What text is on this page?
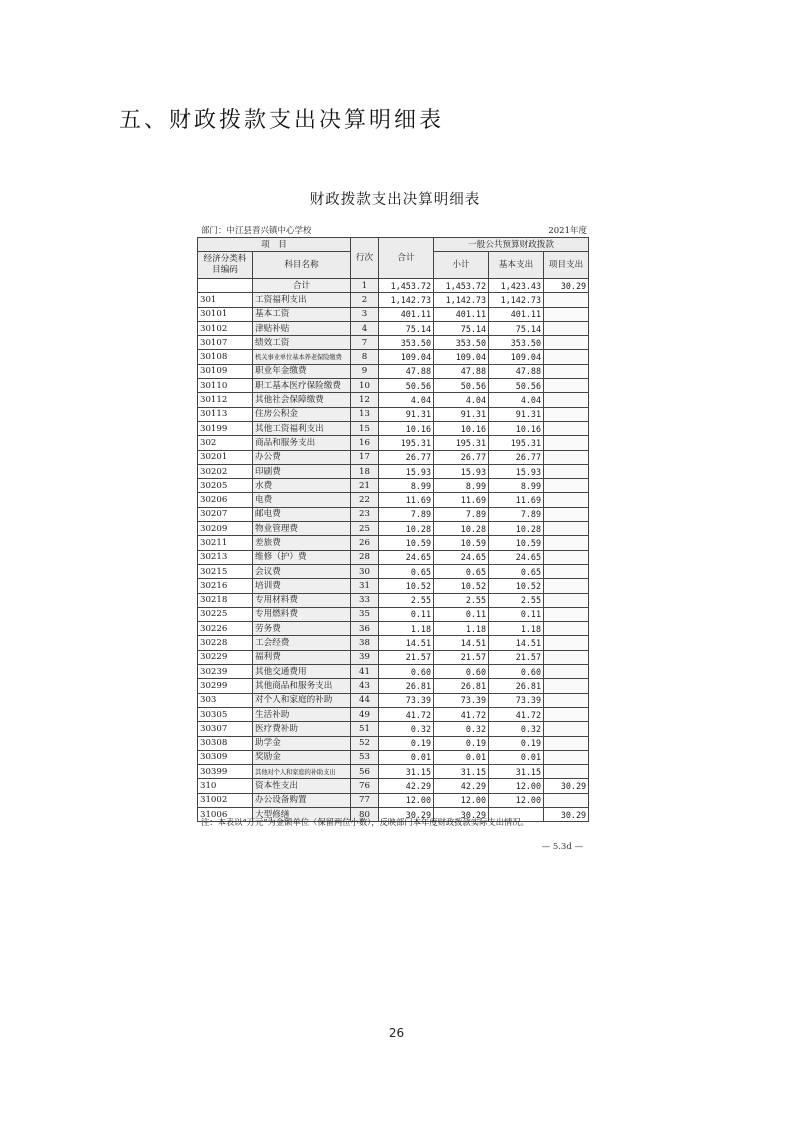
五、财政拨款支出决算明细表
财政拨款支出决算明细表
部门：中江县晋兴镇中心学校	2021年度
项　目		行次	合计	一般公共预算财政拨款		
经济分类科目编码	科目名称			小计	基本支出	项目支出
	合计	1	1,453.72	1,453.72	1,423.43	30.29
301	工资福利支出	2	1,142.73	1,142.73	1,142.73	
30101	基本工资	3	401.11	401.11	401.11	
30102	津贴补贴	4	75.14	75.14	75.14	
30107	绩效工资	7	353.50	353.50	353.50	
30108	机关事业单位基本养老保险缴费	8	109.04	109.04	109.04	
30109	职业年金缴费	9	47.88	47.88	47.88	
30110	职工基本医疗保险缴费	10	50.56	50.56	50.56	
30112	其他社会保障缴费	12	4.04	4.04	4.04	
30113	住房公积金	13	91.31	91.31	91.31	
30199	其他工资福利支出	15	10.16	10.16	10.16	
302	商品和服务支出	16	195.31	195.31	195.31	
30201	办公费	17	26.77	26.77	26.77	
30202	印刷费	18	15.93	15.93	15.93	
30205	水费	21	8.99	8.99	8.99	
30206	电费	22	11.69	11.69	11.69	
30207	邮电费	23	7.89	7.89	7.89	
30209	物业管理费	25	10.28	10.28	10.28	
30211	差旅费	26	10.59	10.59	10.59	
30213	维修（护）费	28	24.65	24.65	24.65	
30215	会议费	30	0.65	0.65	0.65	
30216	培训费	31	10.52	10.52	10.52	
30218	专用材料费	33	2.55	2.55	2.55	
30225	专用燃料费	35	0.11	0.11	0.11	
30226	劳务费	36	1.18	1.18	1.18	
30228	工会经费	38	14.51	14.51	14.51	
30229	福利费	39	21.57	21.57	21.57	
30239	其他交通费用	41	0.60	0.60	0.60	
30299	其他商品和服务支出	43	26.81	26.81	26.81	
303	对个人和家庭的补助	44	73.39	73.39	73.39	
30305	生活补助	49	41.72	41.72	41.72	
30307	医疗费补助	51	0.32	0.32	0.32	
30308	助学金	52	0.19	0.19	0.19	
30309	奖励金	53	0.01	0.01	0.01	
30399	其他对个人和家庭的补助支出	56	31.15	31.15	31.15	
310	资本性支出	76	42.29	42.29	12.00	30.29
31002	办公设备购置	77	12.00	12.00	12.00	
31006	大型修缮	80	30.29	30.29		30.29
注：本表以“万元”为金额单位（保留两位小数），反映部门本年度财政拨款实际支出情况。
— 5.3d —
26
